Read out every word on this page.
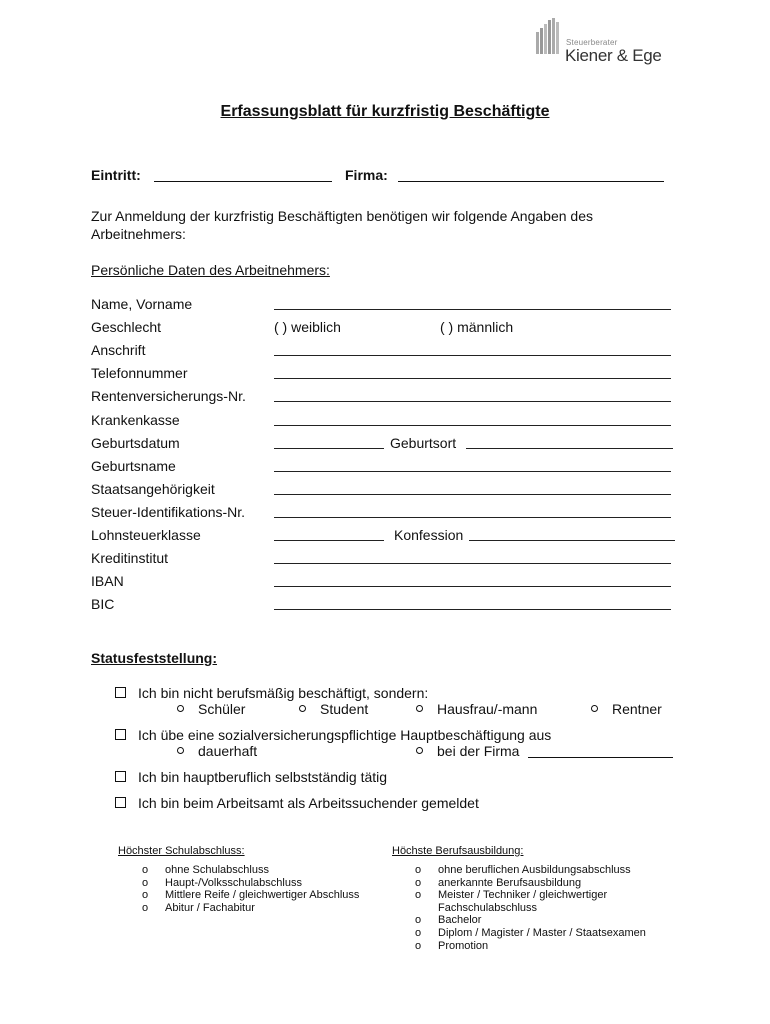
Steuerberater
Kiener & Ege
Erfassungsblatt für kurzfristig Beschäftigte
Eintritt:	Firma:
Zur Anmeldung der kurzfristig Beschäftigten benötigen wir folgende Angaben des Arbeitnehmers:
Persönliche Daten des Arbeitnehmers:
Name, Vorname
Geschlecht	( ) weiblich	( ) männlich
Anschrift
Telefonnummer
Rentenversicherungs-Nr.
Krankenkasse
Geburtsdatum	Geburtsort
Geburtsname
Staatsangehörigkeit
Steuer-Identifikations-Nr.
Lohnsteuerklasse	Konfession
Kreditinstitut
IBAN
BIC
Statusfeststellung:
Ich bin nicht berufsmäßig beschäftigt, sondern:
Schüler	Student	Hausfrau/-mann	Rentner
Ich übe eine sozialversicherungspflichtige Hauptbeschäftigung aus
dauerhaft	bei der Firma
Ich bin hauptberuflich selbstständig tätig
Ich bin beim Arbeitsamt als Arbeitssuchender gemeldet
Höchster Schulabschluss:
o ohne Schulabschluss
o Haupt-/Volksschulabschluss
o Mittlere Reife / gleichwertiger Abschluss
o Abitur / Fachabitur
Höchste Berufsausbildung:
o ohne beruflichen Ausbildungsabschluss
o anerkannte Berufsausbildung
o Meister / Techniker / gleichwertiger
Fachschulabschluss
o Bachelor
o Diplom / Magister / Master / Staatsexamen
o Promotion
